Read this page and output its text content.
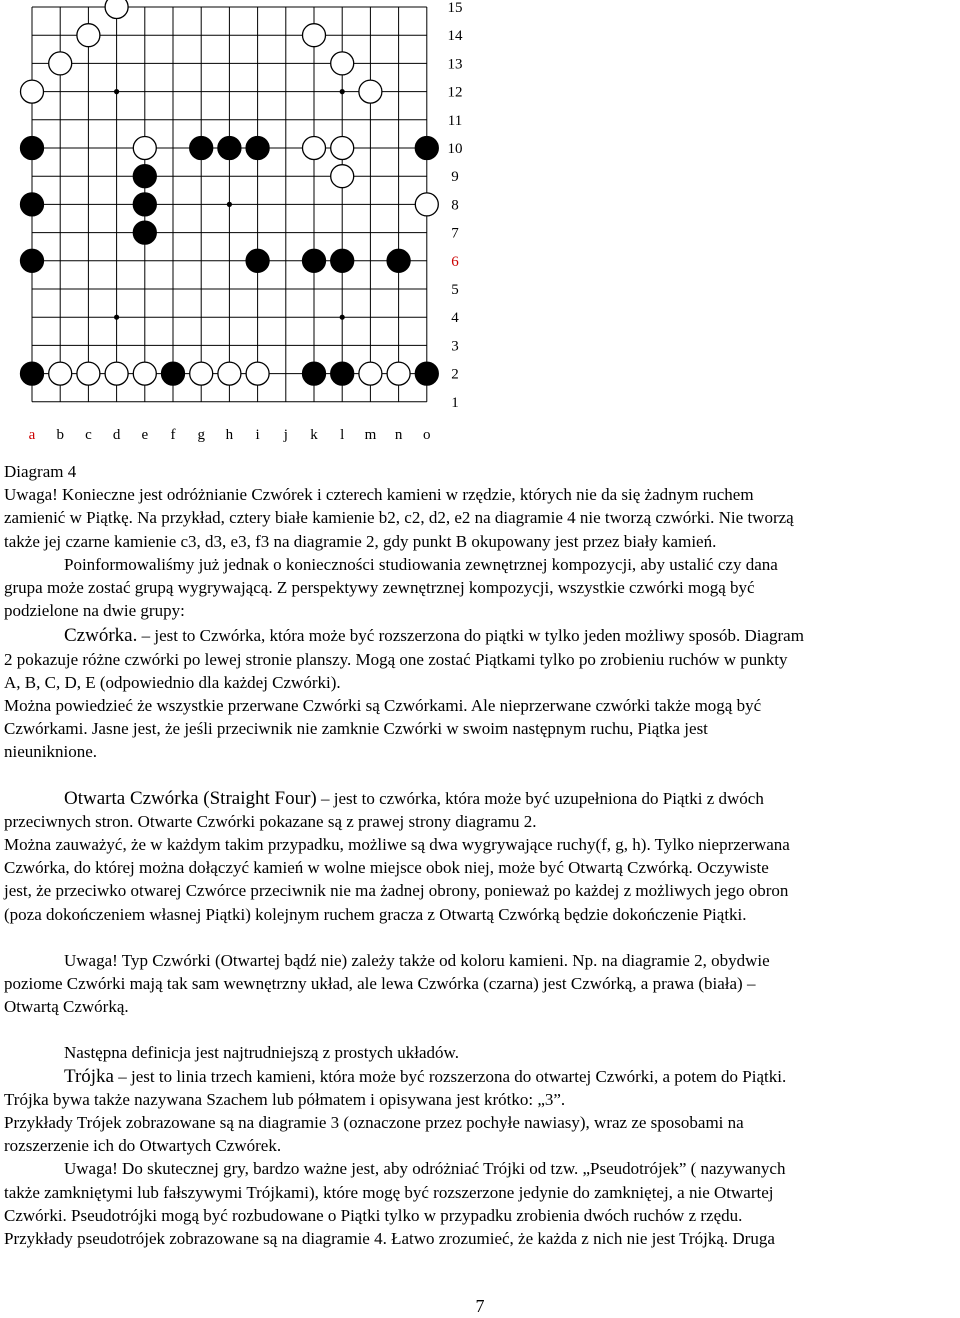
15
14
13
12
11
10
9
8
7
6
5
4
3
2
1
a b c d e f g h i j k l m n o

Diagram 4

Uwaga! Konieczne jest odróżnianie Czwórek i czterech kamieni w rzędzie, których nie da się żadnym ruchem
zamienić w Piątkę. Na przykład, cztery białe kamienie b2, c2, d2, e2 na diagramie 4 nie tworzą czwórki. Nie tworzą
także jej czarne kamienie c3, d3, e3, f3 na diagramie 2, gdy punkt B okupowany jest przez biały kamień.

Poinformowaliśmy już jednak o konieczności studiowania zewnętrznej kompozycji, aby ustalić czy dana
grupa może zostać grupą wygrywającą. Z perspektywy zewnętrznej kompozycji, wszystkie czwórki mogą być
podzielone na dwie grupy:

Czwórka. – jest to Czwórka, która może być rozszerzona do piątki w tylko jeden możliwy sposób. Diagram
2 pokazuje różne czwórki po lewej stronie planszy. Mogą one zostać Piątkami tylko po zrobieniu ruchów w punkty
A, B, C, D, E (odpowiednio dla każdej Czwórki).

Można powiedzieć że wszystkie przerwane Czwórki są Czwórkami. Ale nieprzerwane czwórki także mogą być
Czwórkami. Jasne jest, że jeśli przeciwnik nie zamknie Czwórki w swoim następnym ruchu, Piątka jest
nieuniknione.

Otwarta Czwórka (Straight Four) – jest to czwórka, która może być uzupełniona do Piątki z dwóch
przeciwnych stron. Otwarte Czwórki pokazane są z prawej strony diagramu 2.

Można zauważyć, że w każdym takim przypadku, możliwe są dwa wygrywające ruchy(f, g, h). Tylko nieprzerwana
Czwórka, do której można dołączyć kamień w wolne miejsce obok niej, może być Otwartą Czwórką. Oczywiste
jest, że przeciwko otwarej Czwórce przeciwnik nie ma żadnej obrony, ponieważ po każdej z możliwych jego obron
(poza dokończeniem własnej Piątki) kolejnym ruchem gracza z Otwartą Czwórką będzie dokończenie Piątki.

Uwaga! Typ Czwórki (Otwartej bądź nie) zależy także od koloru kamieni. Np. na diagramie 2, obydwie
poziome Czwórki mają tak sam wewnętrzny układ, ale lewa Czwórka (czarna) jest Czwórką, a prawa (biała) –
Otwartą Czwórką.

Następna definicja jest najtrudniejszą z prostych układów.

Trójka – jest to linia trzech kamieni, która może być rozszerzona do otwartej Czwórki, a potem do Piątki.
Trójka bywa także nazywana Szachem lub półmatem i opisywana jest krótko: „3”.
Przykłady Trójek zobrazowane są na diagramie 3 (oznaczone przez pochyłe nawiasy), wraz ze sposobami na
rozszerzenie ich do Otwartych Czwórek.

Uwaga! Do skutecznej gry, bardzo ważne jest, aby odróżniać Trójki od tzw. „Pseudotrójek” ( nazywanych
także zamkniętymi lub fałszywymi Trójkami), które mogę być rozszerzone jedynie do zamkniętej, a nie Otwartej
Czwórki. Pseudotrójki mogą być rozbudowane o Piątki tylko w przypadku zrobienia dwóch ruchów z rzędu.
Przykłady pseudotrójek zobrazowane są na diagramie 4. Łatwo zrozumieć, że każda z nich nie jest Trójką. Druga

7
